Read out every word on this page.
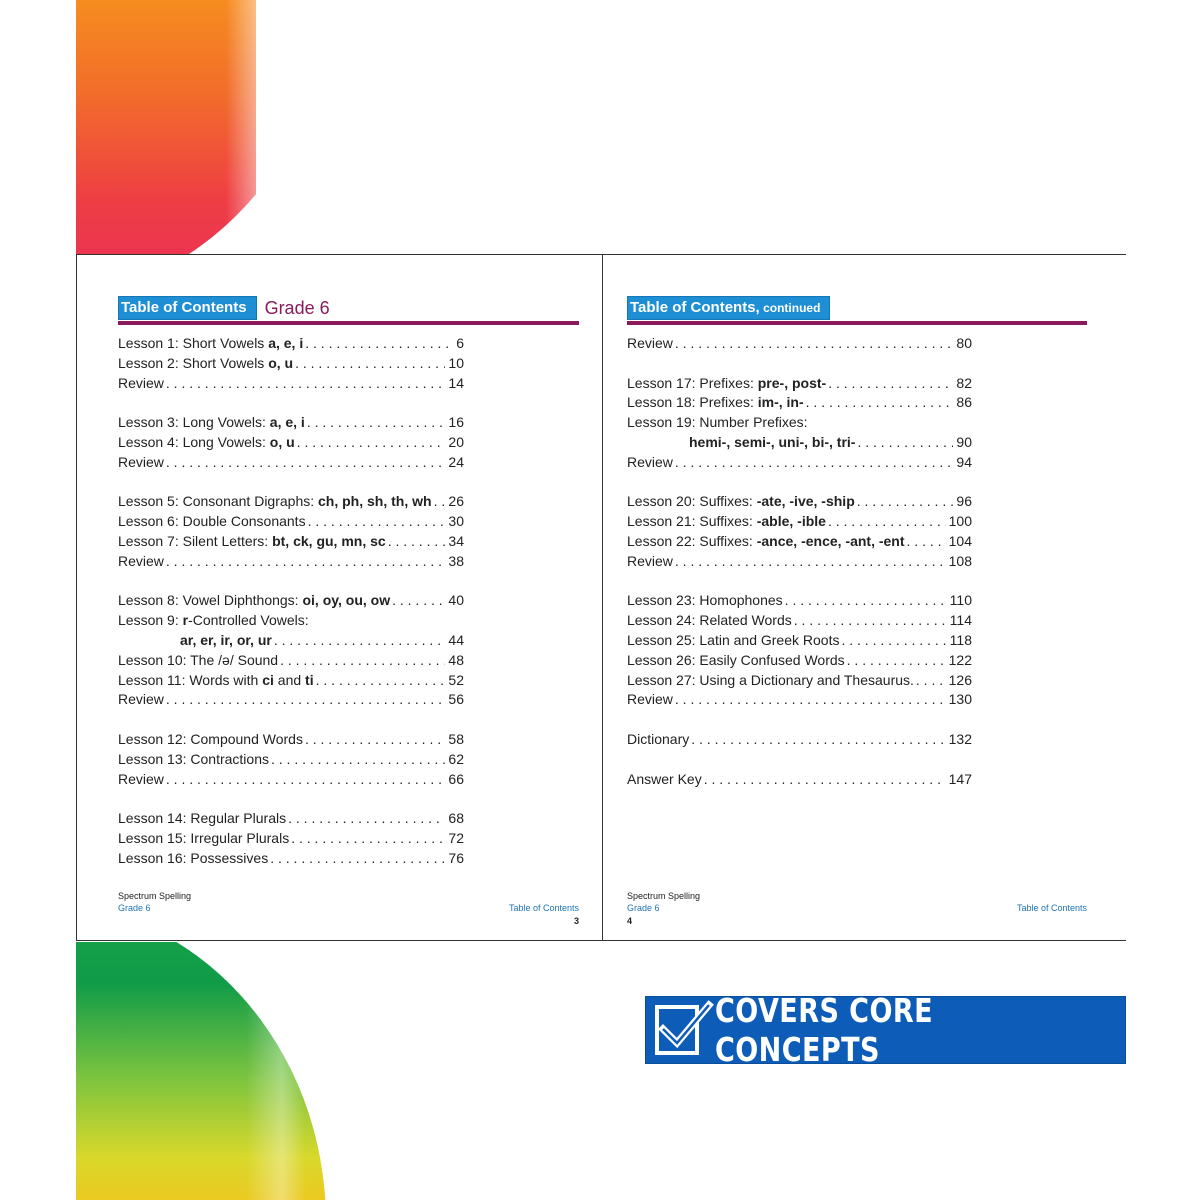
Table of Contents	Grade 6
Lesson 1: Short Vowels a, e, i . . .	6
Lesson 2: Short Vowels o, u . . .	10
Review . . .	14
Lesson 3: Long Vowels: a, e, i . . .	16
Lesson 4: Long Vowels: o, u . . .	20
Review . . .	24
Lesson 5: Consonant Digraphs: ch, ph, sh, th, wh . . . 26
Lesson 6: Double Consonants . . .	30
Lesson 7: Silent Letters: bt, ck, gu, mn, sc . . .	34
Review . . .	38
Lesson 8: Vowel Diphthongs: oi, oy, ou, ow . . .	40
Lesson 9: r-Controlled Vowels:
ar, er, ir, or, ur . . .	44
Lesson 10: The /ə/ Sound . . .	48
Lesson 11: Words with ci and ti . . .	52
Review . . .	56
Lesson 12: Compound Words . . .	58
Lesson 13: Contractions . . .	62
Review . . .	66
Lesson 14: Regular Plurals . . .	68
Lesson 15: Irregular Plurals . . .	72
Lesson 16: Possessives . . .	76
Spectrum Spelling
Grade 6	Table of Contents
3
Table of Contents, continued
Review . . .	80
Lesson 17: Prefixes: pre-, post- . . .	82
Lesson 18: Prefixes: im-, in- . . .	86
Lesson 19: Number Prefixes:
hemi-, semi-, uni-, bi-, tri- . . .	90
Review . . .	94
Lesson 20: Suffixes: -ate, -ive, -ship . . .	96
Lesson 21: Suffixes: -able, -ible . . .	100
Lesson 22: Suffixes: -ance, -ence, -ant, -ent . . .	104
Review . . .	108
Lesson 23: Homophones . . .	110
Lesson 24: Related Words . . .	114
Lesson 25: Latin and Greek Roots . . .	118
Lesson 26: Easily Confused Words . . .	122
Lesson 27: Using a Dictionary and Thesaurus. . . . 126
Review . . .	130
Dictionary . . .	132
Answer Key . . .	147
Spectrum Spelling
Grade 6	Table of Contents
4
COVERS CORE CONCEPTS
